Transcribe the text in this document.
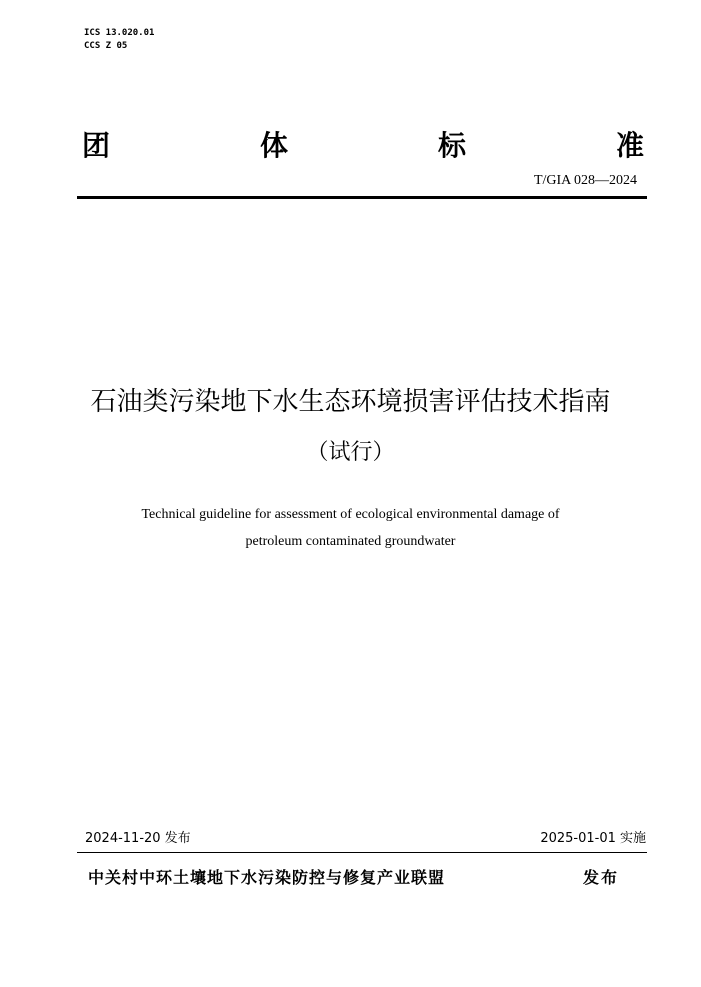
ICS 13.020.01
CCS Z 05
团	体	标	准
T/GIA 028—2024
石油类污染地下水生态环境损害评估技术指南
（试行）
Technical guideline for assessment of ecological environmental damage of
petroleum contaminated groundwater
2024-11-20 发布	2025-01-01 实施
中关村中环土壤地下水污染防控与修复产业联盟	发布
